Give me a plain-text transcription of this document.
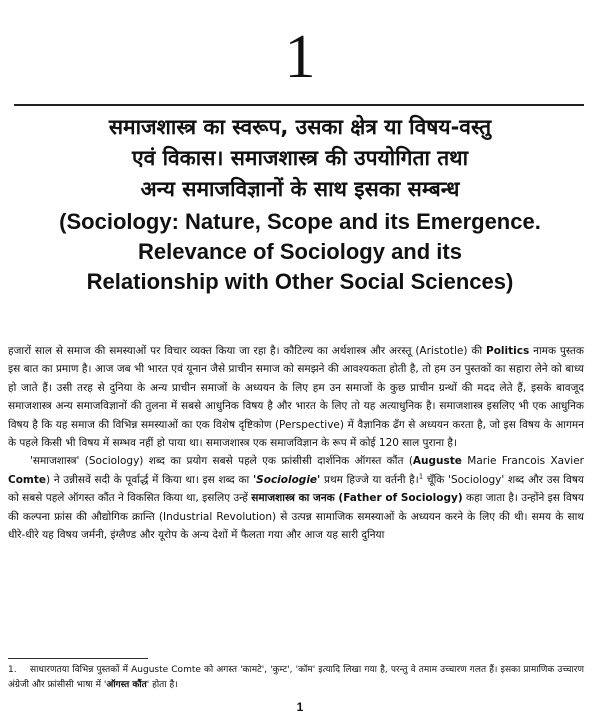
1
समाजशास्त्र का स्वरूप, उसका क्षेत्र या विषय-वस्तु
एवं विकास। समाजशास्त्र की उपयोगिता तथा
अन्य समाजविज्ञानों के साथ इसका सम्बन्ध
(Sociology: Nature, Scope and its Emergence.
Relevance of Sociology and its
Relationship with Other Social Sciences)

हजारों साल से समाज की समस्याओं पर विचार व्यक्त किया जा रहा है। कौटिल्य का अर्थशास्त्र और अरस्तू (Aristotle) की Politics नामक पुस्तक इस बात का प्रमाण है। आज जब भी भारत एवं यूनान जैसे प्राचीन समाज को समझने की आवश्यकता होती है, तो हम उन पुस्तकों का सहारा लेने को बाध्य हो जाते हैं। उसी तरह से दुनिया के अन्य प्राचीन समाजों के अध्ययन के लिए हम उन समाजों के कुछ प्राचीन ग्रन्थों की मदद लेते हैं, इसके बावजूद समाजशास्त्र अन्य समाजविज्ञानों की तुलना में सबसे आधुनिक विषय है और भारत के लिए तो यह अत्याधुनिक है। समाजशास्त्र इसलिए भी एक आधुनिक विषय है कि यह समाज की विभिन्न समस्याओं का एक विशेष दृष्टिकोण (Perspective) में वैज्ञानिक ढँग से अध्ययन करता है, जो इस विषय के आगमन के पहले किसी भी विषय में सम्भव नहीं हो पाया था। समाजशास्त्र एक समाजविज्ञान के रूप में कोई 120 साल पुराना है।

'समाजशास्त्र' (Sociology) शब्द का प्रयोग सबसे पहले एक फ्रांसीसी दार्शनिक ऑगस्त कौंत (Auguste Marie Francois Xavier Comte) ने उन्नीसवें सदी के पूर्वार्द्ध में किया था। इस शब्द का 'Sociologie' प्रथम हिज्जे या वर्तनी है।$^1$ चूँकि 'Sociology' शब्द और उस विषय को सबसे पहले ऑगस्त कौंत ने विकसित किया था, इसलिए उन्हें समाजशास्त्र का जनक (Father of Sociology) कहा जाता है। उन्होंने इस विषय की कल्पना फ्रांस की औद्योगिक क्रान्ति (Industrial Revolution) से उत्पन्न सामाजिक समस्याओं के अध्ययन करने के लिए की थी। समय के साथ धीरे-धीरे यह विषय जर्मनी, इंग्लैण्ड और यूरोप के अन्य देशों में फैलता गया और आज यह सारी दुनिया

1. साधारणतया विभिन्न पुस्तकों में Auguste Comte को अगस्त 'कामटे', 'कुम्ट', 'कॉम' इत्यादि लिखा गया है, परन्तु वे तमाम उच्चारण गलत हैं। इसका प्रामाणिक उच्चारण अंग्रेजी और फ्रांसीसी भाषा में 'ऑगस्त कौंत' होता है।
1
